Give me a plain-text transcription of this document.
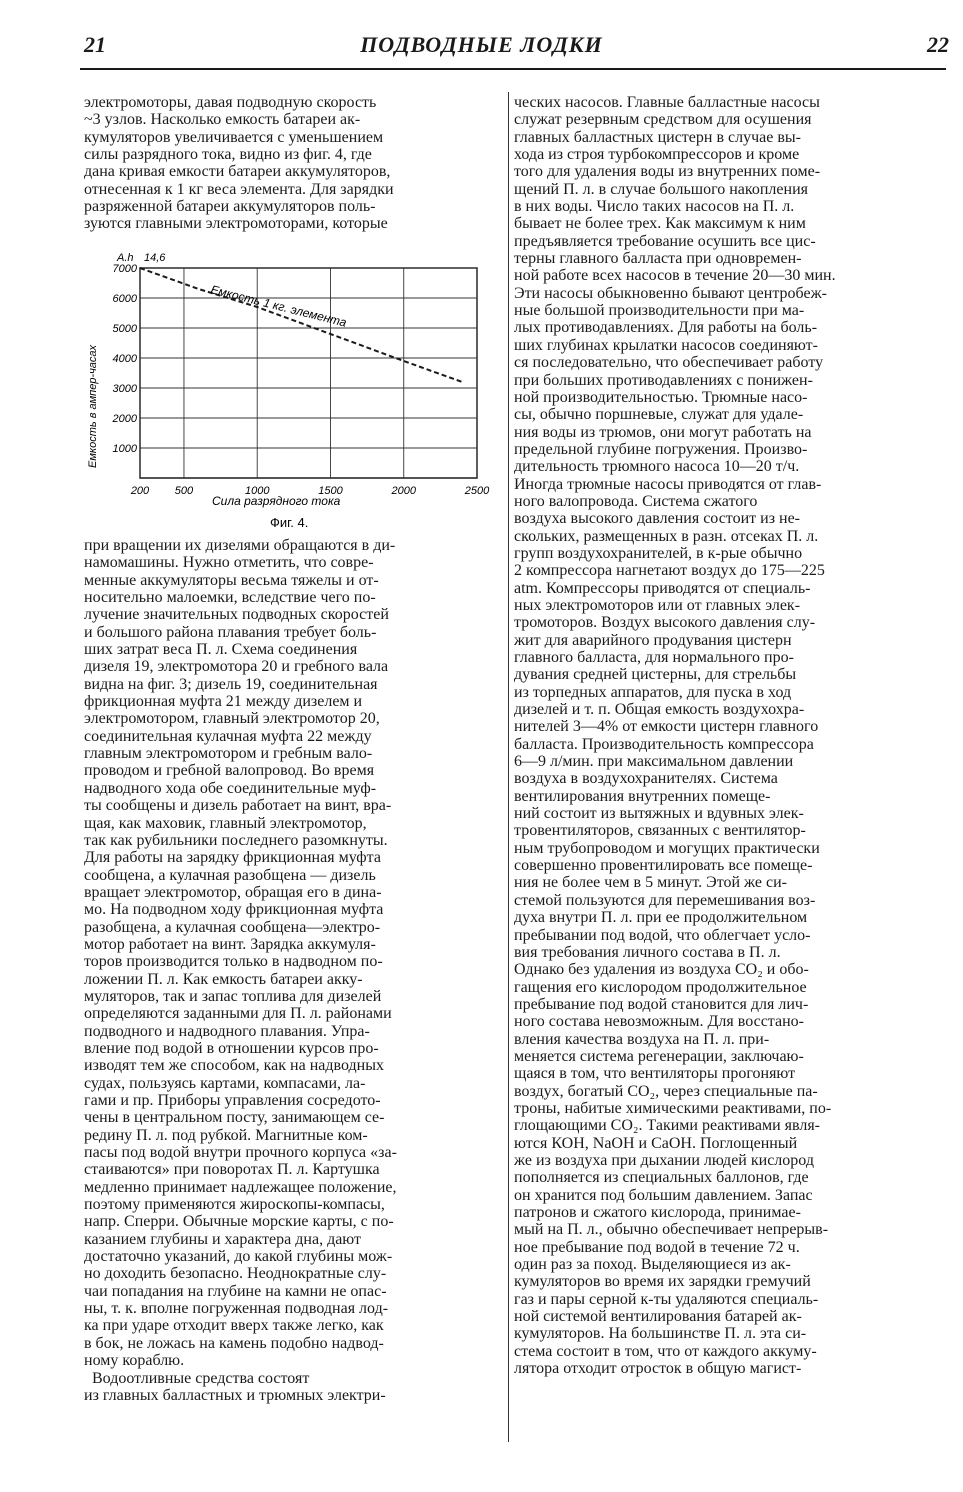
21	ПОДВОДНЫЕ ЛОДКИ	22
электромоторы, давая подводную скорость
~3 узлов. Насколько емкость батареи ак-
кумуляторов увеличивается с уменьшением
силы разрядного тока, видно из фиг. 4, где
дана кривая емкости батареи аккумуляторов,
отнесенная к 1 кг веса элемента. Для зарядки
разряженной батареи аккумуляторов поль-
зуются главными электромоторами, которые
7000
6000
5000
4000
3000
2000
1000
200 500	1000	1500	2000	2500
A.h 14,6
Емкость 1 кг. элемента
Емкость в ампер-часах
Сила разрядного тока
Фиг. 4.
при вращении их дизелями обращаются в ди-
намомашины. Нужно отметить, что совре-
менные аккумуляторы весьма тяжелы и от-
носительно малоемки, вследствие чего по-
лучение значительных подводных скоростей
и большого района плавания требует боль-
ших затрат веса П. л. Схема соединения
дизеля 19, электромотора 20 и гребного вала
видна на фиг. 3; дизель 19, соединительная
фрикционная муфта 21 между дизелем и
электромотором, главный электромотор 20,
соединительная кулачная муфта 22 между
главным электромотором и гребным вало-
проводом и гребной валопровод. Во время
надводного хода обе соединительные муф-
ты сообщены и дизель работает на винт, вра-
щая, как маховик, главный электромотор,
так как рубильники последнего разомкнуты.
Для работы на зарядку фрикционная муфта
сообщена, а кулачная разобщена — дизель
вращает электромотор, обращая его в дина-
мо. На подводном ходу фрикционная муфта
разобщена, а кулачная сообщена—электро-
мотор работает на винт. Зарядка аккумуля-
торов производится только в надводном по-
ложении П. л. Как емкость батареи акку-
муляторов, так и запас топлива для дизелей
определяются заданными для П. л. районами
подводного и надводного плавания. Упра-
вление под водой в отношении курсов про-
изводят тем же способом, как на надводных
судах, пользуясь картами, компасами, ла-
гами и пр. Приборы управления сосредото-
чены в центральном посту, занимающем се-
редину П. л. под рубкой. Магнитные ком-
пасы под водой внутри прочного корпуса «за-
стаиваются» при поворотах П. л. Картушка
медленно принимает надлежащее положение,
поэтому применяются жироскопы-компасы,
напр. Сперри. Обычные морские карты, с по-
казанием глубины и характера дна, дают
достаточно указаний, до какой глубины мож-
но доходить безопасно. Неоднократные слу-
чаи попадания на глубине на камни не опас-
ны, т. к. вполне погруженная подводная лод-
ка при ударе отходит вверх также легко, как
в бок, не ложась на камень подобно надвод-
ному кораблю.
Водоотливные средства состоят
из главных балластных и трюмных электри-
ческих насосов. Главные балластные насосы
служат резервным средством для осушения
главных балластных цистерн в случае вы-
хода из строя турбокомпрессоров и кроме
того для удаления воды из внутренних поме-
щений П. л. в случае большого накопления
в них воды. Число таких насосов на П. л.
бывает не более трех. Как максимум к ним
предъявляется требование осушить все цис-
терны главного балласта при одновремен-
ной работе всех насосов в течение 20—30 мин.
Эти насосы обыкновенно бывают центробеж-
ные большой производительности при ма-
лых противодавлениях. Для работы на боль-
ших глубинах крылатки насосов соединяют-
ся последовательно, что обеспечивает работу
при больших противодавлениях с понижен-
ной производительностью. Трюмные насо-
сы, обычно поршневые, служат для удале-
ния воды из трюмов, они могут работать на
предельной глубине погружения. Произво-
дительность трюмного насоса 10—20 т/ч.
Иногда трюмные насосы приводятся от глав-
ного валопровода. Система сжатого
воздуха высокого давления состоит из не-
скольких, размещенных в разн. отсеках П. л.
групп воздухохранителей, в к-рые обычно
2 компрессора нагнетают воздух до 175—225
atm. Компрессоры приводятся от специаль-
ных электромоторов или от главных элек-
тромоторов. Воздух высокого давления слу-
жит для аварийного продувания цистерн
главного балласта, для нормального про-
дувания средней цистерны, для стрельбы
из торпедных аппаратов, для пуска в ход
дизелей и т. п. Общая емкость воздухохра-
нителей 3—4% от емкости цистерн главного
балласта. Производительность компрессора
6—9 л/мин. при максимальном давлении
воздуха в воздухохранителях. Система
вентилирования внутренних помеще-
ний состоит из вытяжных и вдувных элек-
тровентиляторов, связанных с вентилятор-
ным трубопроводом и могущих практически
совершенно провентилировать все помеще-
ния не более чем в 5 минут. Этой же си-
стемой пользуются для перемешивания воз-
духа внутри П. л. при ее продолжительном
пребывании под водой, что облегчает усло-
вия требования личного состава в П. л.
Однако без удаления из воздуха CO₂ и обо-
гащения его кислородом продолжительное
пребывание под водой становится для лич-
ного состава невозможным. Для восстано-
вления качества воздуха на П. л. при-
меняется система регенерации, заключаю-
щаяся в том, что вентиляторы прогоняют
воздух, богатый CO₂, через специальные па-
троны, набитые химическими реактивами, по-
глощающими CO₂. Такими реактивами явля-
ются КОН, NaOH и CaOH. Поглощенный
же из воздуха при дыхании людей кислород
пополняется из специальных баллонов, где
он хранится под большим давлением. Запас
патронов и сжатого кислорода, принимае-
мый на П. л., обычно обеспечивает непрерыв-
ное пребывание под водой в течение 72 ч.
один раз за поход. Выделяющиеся из ак-
кумуляторов во время их зарядки гремучий
газ и пары серной к-ты удаляются специаль-
ной системой вентилирования батарей ак-
кумуляторов. На большинстве П. л. эта си-
стема состоит в том, что от каждого аккуму-
лятора отходит отросток в общую магист-
